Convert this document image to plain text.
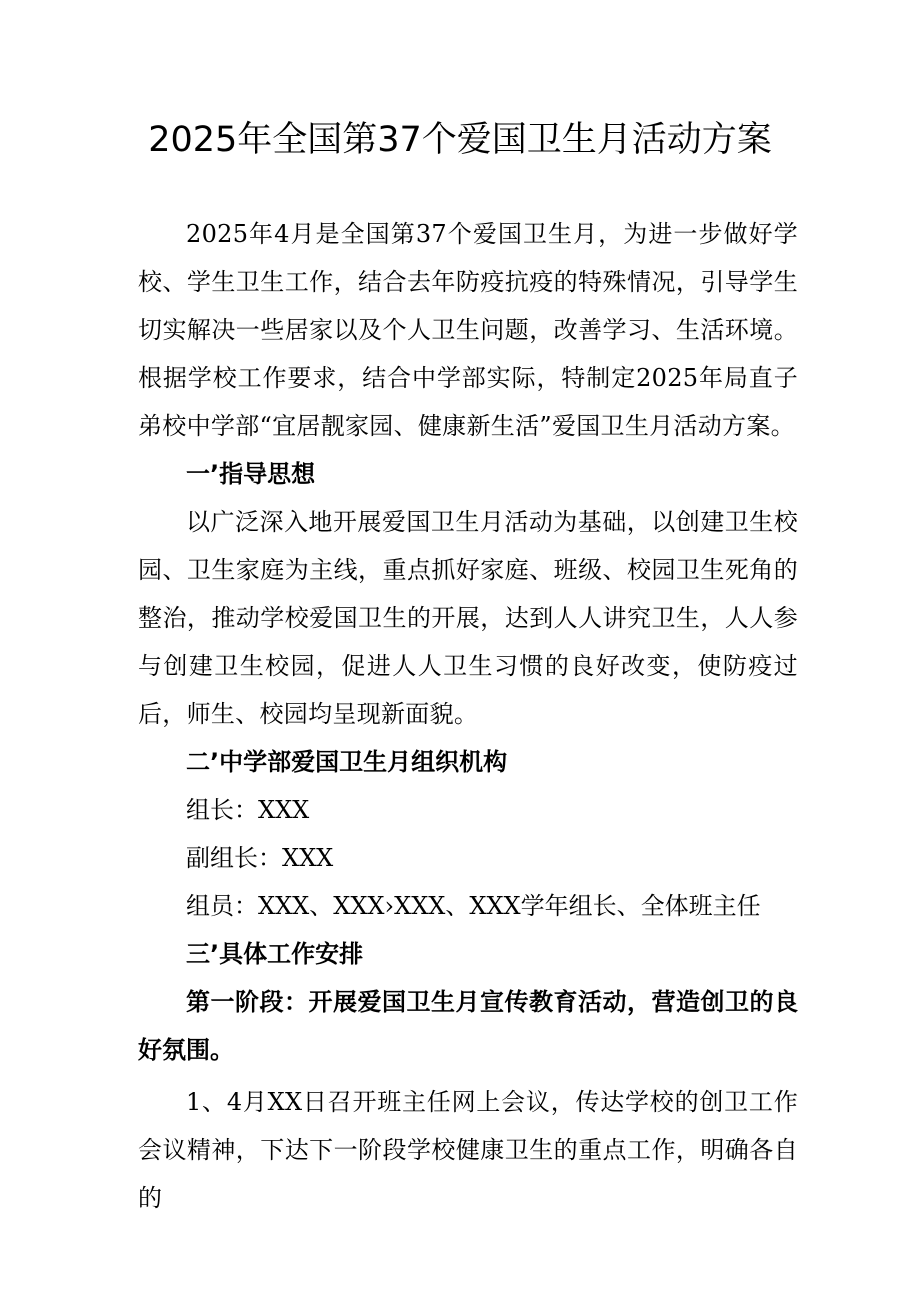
2025年全国第37个爱国卫生月活动方案

2025年4月是全国第37个爱国卫生月，为进一步做好学校、学生卫生工作，结合去年防疫抗疫的特殊情况，引导学生切实解决一些居家以及个人卫生问题，改善学习、生活环境。根据学校工作要求，结合中学部实际，特制定2025年局直子弟校中学部“宜居靓家园、健康新生活”爱国卫生月活动方案。

一’指导思想

以广泛深入地开展爱国卫生月活动为基础，以创建卫生校园、卫生家庭为主线，重点抓好家庭、班级、校园卫生死角的整治，推动学校爱国卫生的开展，达到人人讲究卫生，人人参与创建卫生校园，促进人人卫生习惯的良好改变，使防疫过后，师生、校园均呈现新面貌。

二’中学部爱国卫生月组织机构

组长：XXX

副组长：XXX

组员：XXX、XXX›XXX、XXX学年组长、全体班主任

三’具体工作安排

第一阶段：开展爱国卫生月宣传教育活动，营造创卫的良好氛围。

1、4月XX日召开班主任网上会议，传达学校的创卫工作会议精神，下达下一阶段学校健康卫生的重点工作，明确各自的
